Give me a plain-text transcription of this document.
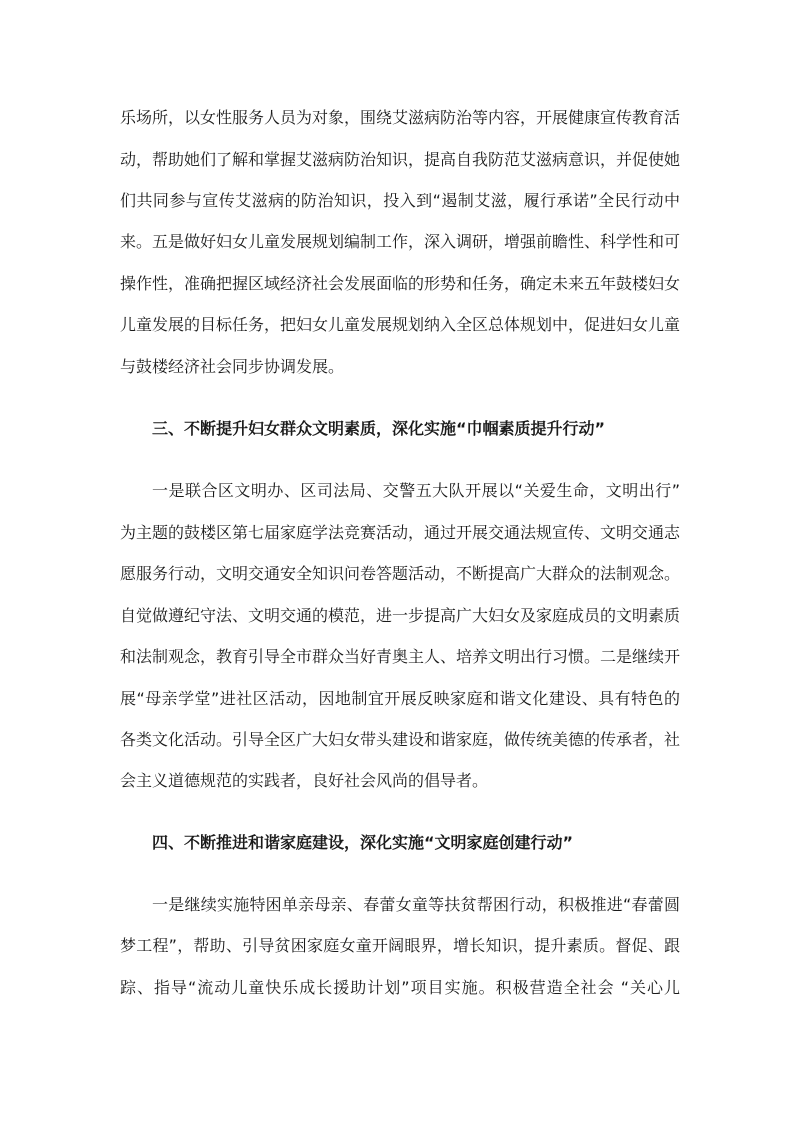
乐场所，以女性服务人员为对象，围绕艾滋病防治等内容，开展健康宣传教育活
动，帮助她们了解和掌握艾滋病防治知识，提高自我防范艾滋病意识，并促使她
们共同参与宣传艾滋病的防治知识，投入到“遏制艾滋，履行承诺”全民行动中
来。五是做好妇女儿童发展规划编制工作，深入调研，增强前瞻性、科学性和可
操作性，准确把握区域经济社会发展面临的形势和任务，确定未来五年鼓楼妇女
儿童发展的目标任务，把妇女儿童发展规划纳入全区总体规划中，促进妇女儿童
与鼓楼经济社会同步协调发展。
三、不断提升妇女群众文明素质，深化实施“巾帼素质提升行动”
一是联合区文明办、区司法局、交警五大队开展以“关爱生命，文明出行”
为主题的鼓楼区第七届家庭学法竞赛活动，通过开展交通法规宣传、文明交通志
愿服务行动，文明交通安全知识问卷答题活动，不断提高广大群众的法制观念。
自觉做遵纪守法、文明交通的模范，进一步提高广大妇女及家庭成员的文明素质
和法制观念，教育引导全市群众当好青奥主人、培养文明出行习惯。二是继续开
展“母亲学堂”进社区活动，因地制宜开展反映家庭和谐文化建设、具有特色的
各类文化活动。引导全区广大妇女带头建设和谐家庭，做传统美德的传承者，社
会主义道德规范的实践者，良好社会风尚的倡导者。
四、不断推进和谐家庭建设，深化实施“文明家庭创建行动”
一是继续实施特困单亲母亲、春蕾女童等扶贫帮困行动，积极推进“春蕾圆
梦工程”，帮助、引导贫困家庭女童开阔眼界，增长知识，提升素质。督促、跟
踪、指导“流动儿童快乐成长援助计划”项目实施。积极营造全社会 “关心儿
